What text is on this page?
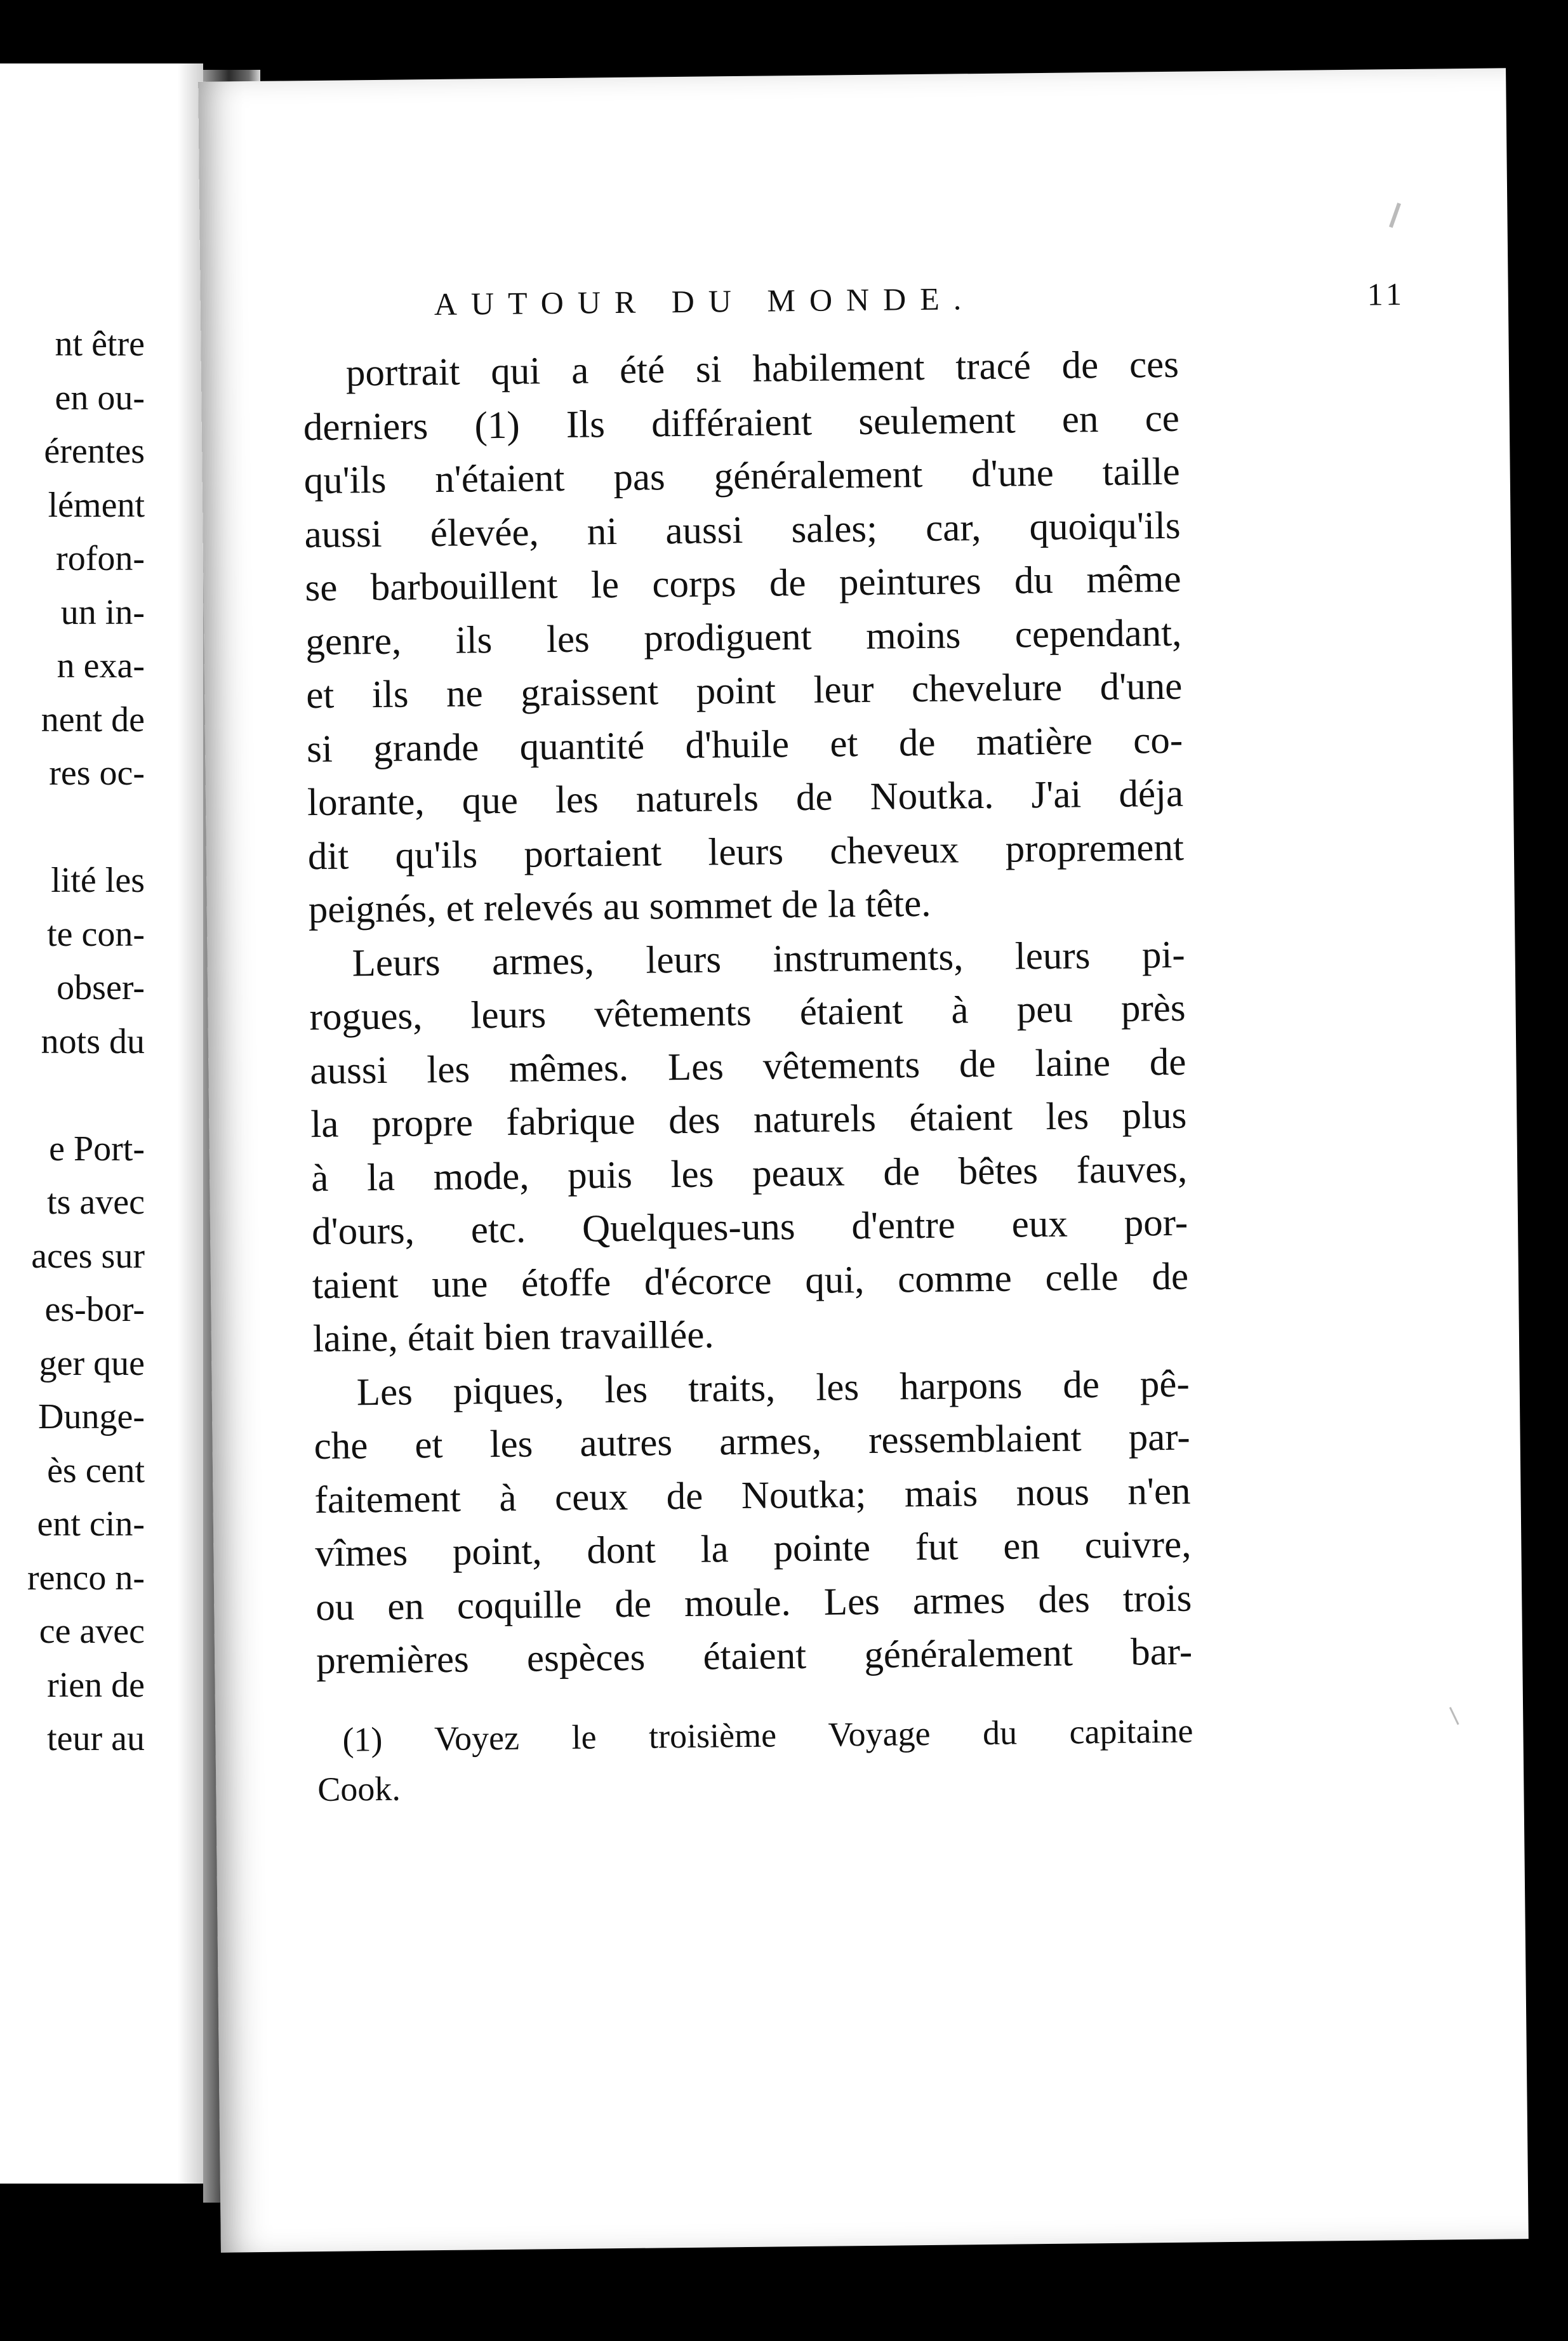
nt être
en ou-
érentes
lément
rofon-
un in-
n exa-
nent de
res oc-

lité les
te con-
obser-
nots du

e Port-
ts avec
aces sur
es-bor-
ger que
Dunge-
ès cent
ent cin-
renco n-
ce avec
rien de
teur au
AUTOUR DU MONDE.	11
portrait qui a été si habilement tracé de ces
derniers (1) Ils différaient seulement en ce
qu'ils n'étaient pas généralement d'une taille
aussi élevée, ni aussi sales; car, quoiqu'ils
se barbouillent le corps de peintures du même
genre, ils les prodiguent moins cependant,
et ils ne graissent point leur chevelure d'une
si grande quantité d'huile et de matière co-
lorante, que les naturels de Noutka. J'ai déja
dit qu'ils portaient leurs cheveux proprement
peignés, et relevés au sommet de la tête.
Leurs armes, leurs instruments, leurs pi-
rogues, leurs vêtements étaient à peu près
aussi les mêmes. Les vêtements de laine de
la propre fabrique des naturels étaient les plus
à la mode, puis les peaux de bêtes fauves,
d'ours, etc. Quelques-uns d'entre eux por-
taient une étoffe d'écorce qui, comme celle de
laine, était bien travaillée.
Les piques, les traits, les harpons de pê-
che et les autres armes, ressemblaient par-
faitement à ceux de Noutka; mais nous n'en
vîmes point, dont la pointe fut en cuivre,
ou en coquille de moule. Les armes des trois
premières espèces étaient généralement bar-
(1) Voyez le troisième Voyage du capitaine
Cook.
